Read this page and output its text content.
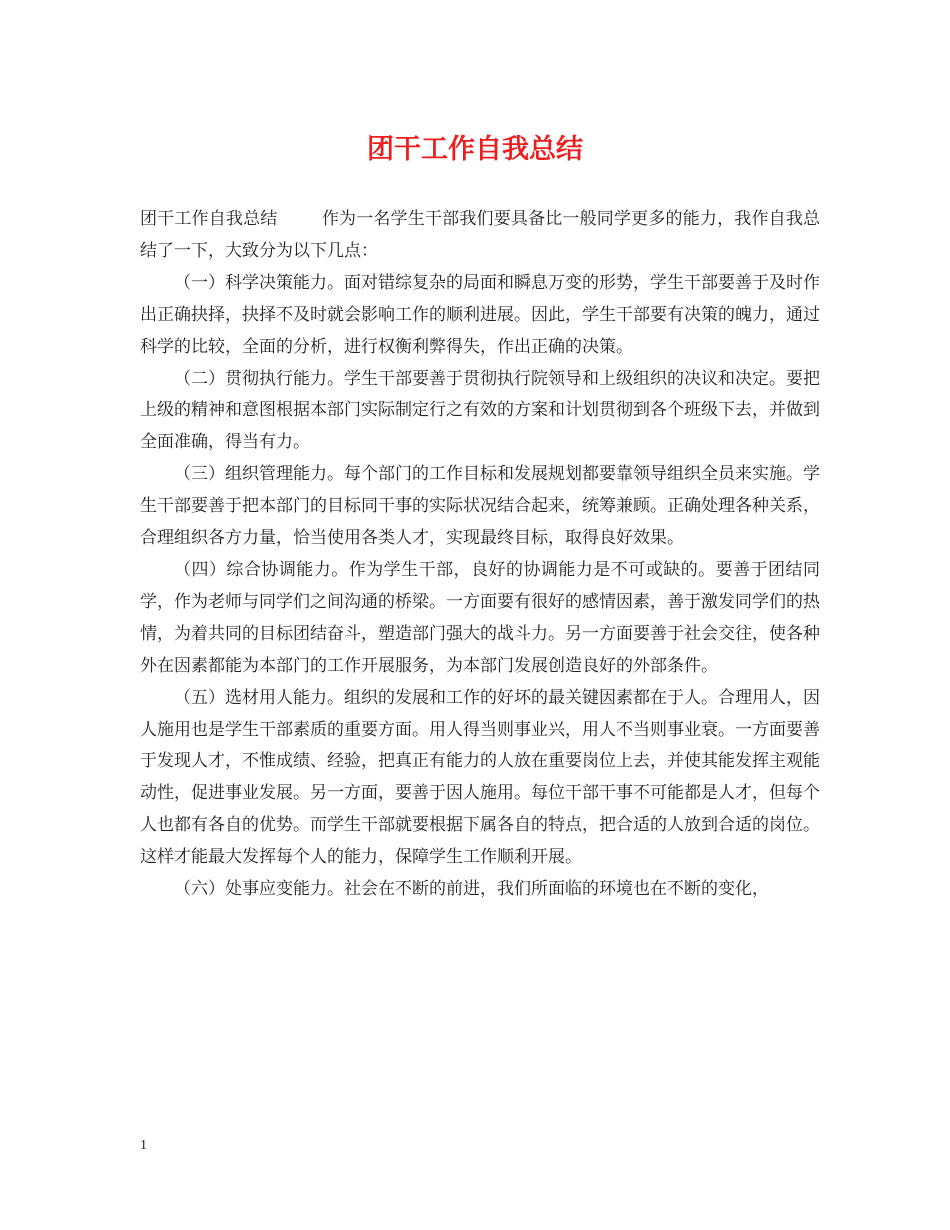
团干工作自我总结

团干工作自我总结	作为一名学生干部我们要具备比一般同学更多的能力，我作自我总结了一下，大致分为以下几点：

（一）科学决策能力。面对错综复杂的局面和瞬息万变的形势，学生干部要善于及时作出正确抉择，抉择不及时就会影响工作的顺利进展。因此，学生干部要有决策的魄力，通过科学的比较，全面的分析，进行权衡利弊得失，作出正确的决策。

（二）贯彻执行能力。学生干部要善于贯彻执行院领导和上级组织的决议和决定。要把上级的精神和意图根据本部门实际制定行之有效的方案和计划贯彻到各个班级下去，并做到全面准确，得当有力。

（三）组织管理能力。每个部门的工作目标和发展规划都要靠领导组织全员来实施。学生干部要善于把本部门的目标同干事的实际状况结合起来，统筹兼顾。正确处理各种关系，合理组织各方力量，恰当使用各类人才，实现最终目标，取得良好效果。

（四）综合协调能力。作为学生干部，良好的协调能力是不可或缺的。要善于团结同学，作为老师与同学们之间沟通的桥梁。一方面要有很好的感情因素，善于激发同学们的热情，为着共同的目标团结奋斗，塑造部门强大的战斗力。另一方面要善于社会交往，使各种外在因素都能为本部门的工作开展服务，为本部门发展创造良好的外部条件。

（五）选材用人能力。组织的发展和工作的好坏的最关键因素都在于人。合理用人，因人施用也是学生干部素质的重要方面。用人得当则事业兴，用人不当则事业衰。一方面要善于发现人才，不惟成绩、经验，把真正有能力的人放在重要岗位上去，并使其能发挥主观能动性，促进事业发展。另一方面，要善于因人施用。每位干部干事不可能都是人才，但每个人也都有各自的优势。而学生干部就要根据下属各自的特点，把合适的人放到合适的岗位。这样才能最大发挥每个人的能力，保障学生工作顺利开展。

（六）处事应变能力。社会在不断的前进，我们所面临的环境也在不断的变化，

1
